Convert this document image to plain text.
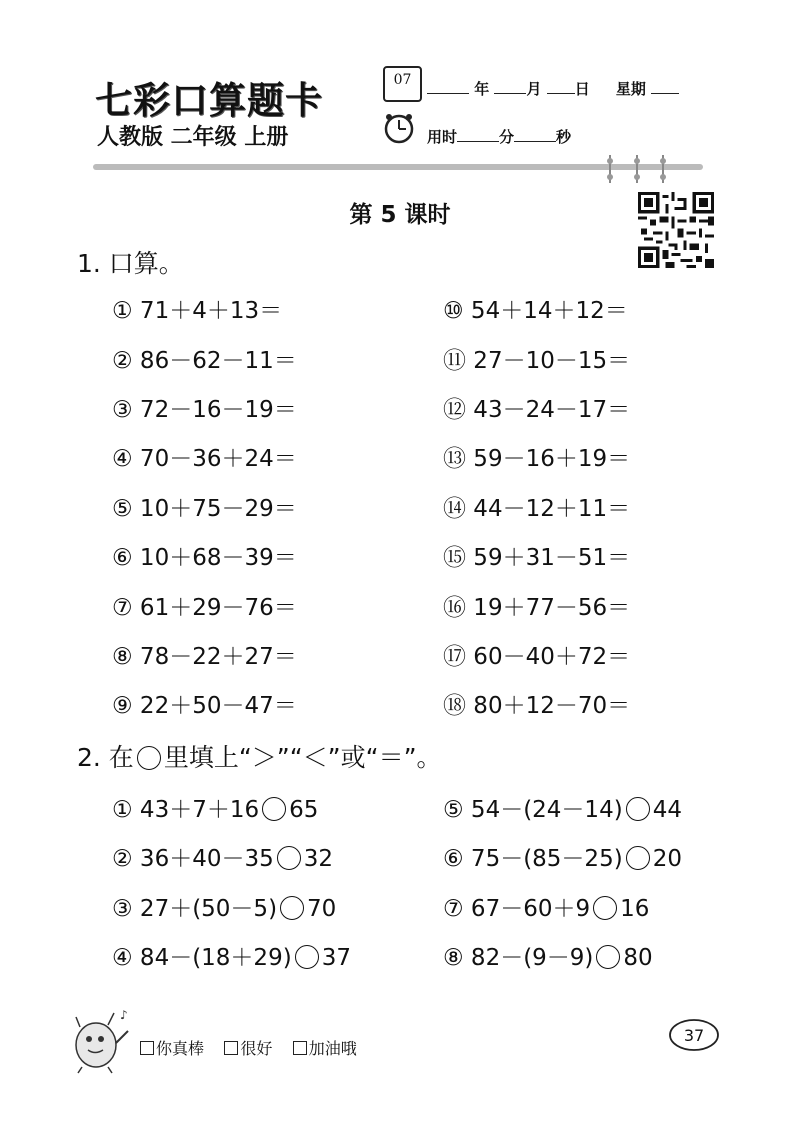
七彩口算题卡
人教版 二年级 上册
07	年 月 日 星期
用时	分	秒
第 5 课时
1. 口算。
① 71＋4＋13＝
② 86－62－11＝
③ 72－16－19＝
④ 70－36＋24＝
⑤ 10＋75－29＝
⑥ 10＋68－39＝
⑦ 61＋29－76＝
⑧ 78－22＋27＝
⑨ 22＋50－47＝
⑩ 54＋14＋12＝
⑪ 27－10－15＝
⑫ 43－24－17＝
⑬ 59－16＋19＝
⑭ 44－12＋11＝
⑮ 59＋31－51＝
⑯ 19＋77－56＝
⑰ 60－40＋72＝
⑱ 80＋12－70＝
2. 在 里填上“＞”“＜”或“＝”。
① 43＋7＋16 65
② 36＋40－35 32
③ 27＋(50－5) 70
④ 84－(18＋29) 37
⑤ 54－(24－14) 44
⑥ 75－(85－25) 20
⑦ 67－60＋9 16
⑧ 82－(9－9) 80
♪
你真棒 很好 加油哦
37
